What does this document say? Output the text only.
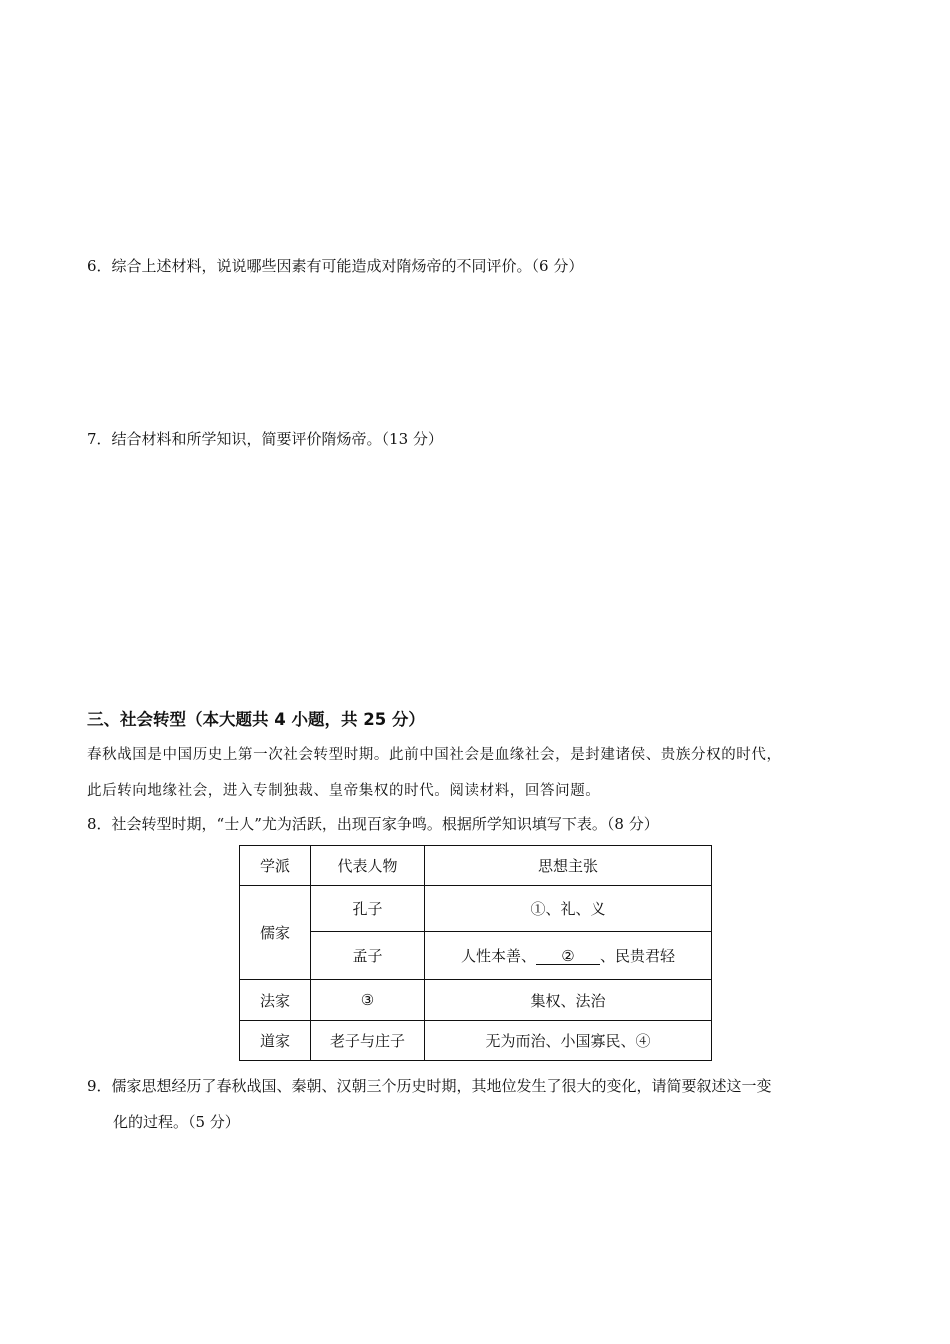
6．综合上述材料，说说哪些因素有可能造成对隋炀帝的不同评价。（6 分）
7．结合材料和所学知识，简要评价隋炀帝。（13 分）
三、社会转型（本大题共 4 小题，共 25 分）
春秋战国是中国历史上第一次社会转型时期。此前中国社会是血缘社会，是封建诸侯、贵族分权的时代，
此后转向地缘社会，进入专制独裁、皇帝集权的时代。阅读材料，回答问题。
8．社会转型时期，“士人”尤为活跃，出现百家争鸣。根据所学知识填写下表。（8 分）
学派	代表人物	思想主张
儒家	孔子	①、礼、义
	孟子	人性本善、 ② 、民贵君轻
法家	③	集权、法治
道家	老子与庄子	无为而治、小国寡民、④
9．儒家思想经历了春秋战国、秦朝、汉朝三个历史时期，其地位发生了很大的变化，请简要叙述这一变
化的过程。（5 分）
